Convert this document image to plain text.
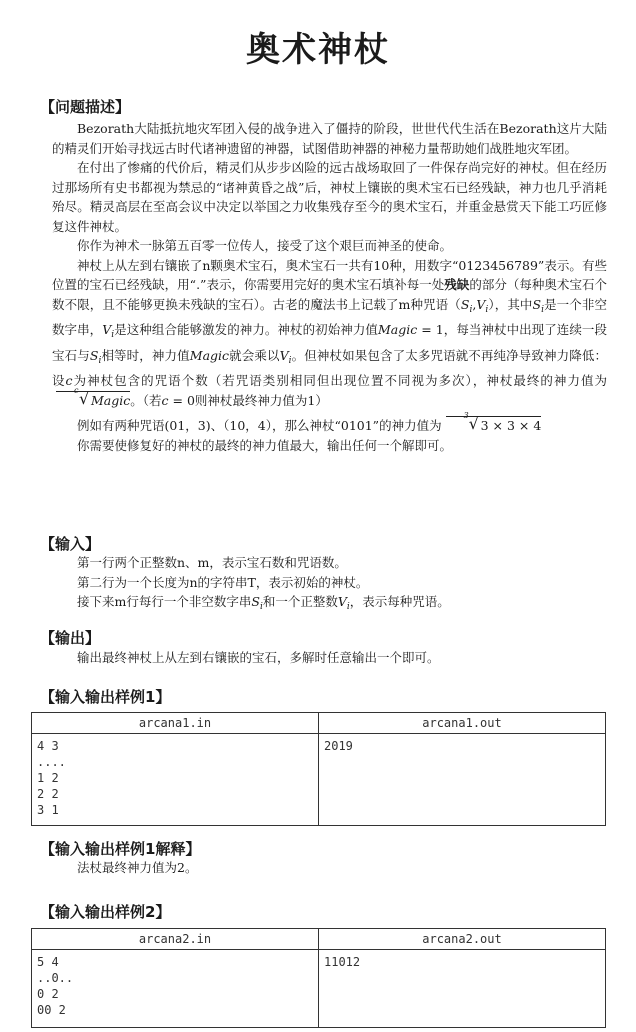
奥术神杖
【问题描述】

Bezorath大陆抵抗地灾军团入侵的战争进入了僵持的阶段，世世代代生活在Bezorath这片大陆的精灵们开始寻找远古时代诸神遗留的神器，试图借助神器的神秘力量帮助她们战胜地灾军团。

在付出了惨痛的代价后，精灵们从步步凶险的远古战场取回了一件保存尚完好的神杖。但在经历过那场所有史书都视为禁忌的“诸神黄昏之战”后，神杖上镶嵌的奥术宝石已经残缺，神力也几乎消耗殆尽。精灵高层在至高会议中决定以举国之力收集残存至今的奥术宝石，并重金悬赏天下能工巧匠修复这件神杖。

你作为神术一脉第五百零一位传人，接受了这个艰巨而神圣的使命。

神杖上从左到右镶嵌了n颗奥术宝石，奥术宝石一共有10种，用数字“0123456789”表示。有些位置的宝石已经残缺，用“.”表示，你需要用完好的奥术宝石填补每一处残缺的部分（每种奥术宝石个数不限，且不能够更换未残缺的宝石）。古老的魔法书上记载了m种咒语$(S_i,V_i)$，其中$S_i$是一个非空数字串，$V_i$是这种组合能够激发的神力。神杖的初始神力值Magic = 1，每当神杖中出现了连续一段宝石与$S_i$相等时，神力值Magic就会乘以$V_i$。但神杖如果包含了太多咒语就不再纯净导致神力降低：设c为神杖包含的咒语个数（若咒语类别相同但出现位置不同视为多次），神杖最终的神力值为
c √ Magic。（若c = 0则神杖最终神力值为1）

例如有两种咒语(01，3)、（10，4），那么神杖“0101”的神力值为
3 √ 3 × 3 × 4

你需要使修复好的神杖的最终的神力值最大，输出任何一个解即可。

【输入】

第一行两个正整数n、m，表示宝石数和咒语数。

第二行为一个长度为n的字符串T，表示初始的神杖。

接下来m行每行一个非空数字串$S_i$和一个正整数$V_i$，表示每种咒语。

【输出】

输出最终神杖上从左到右镶嵌的宝石，多解时任意输出一个即可。

【输入输出样例1】
arcana1.in	arcana1.out
4 3
....
1 2
2 2
3 1	2019
【输入输出样例1解释】

法杖最终神力值为2。

【输入输出样例2】
arcana2.in	arcana2.out
5 4
..0..
0 2
00 2	11012
